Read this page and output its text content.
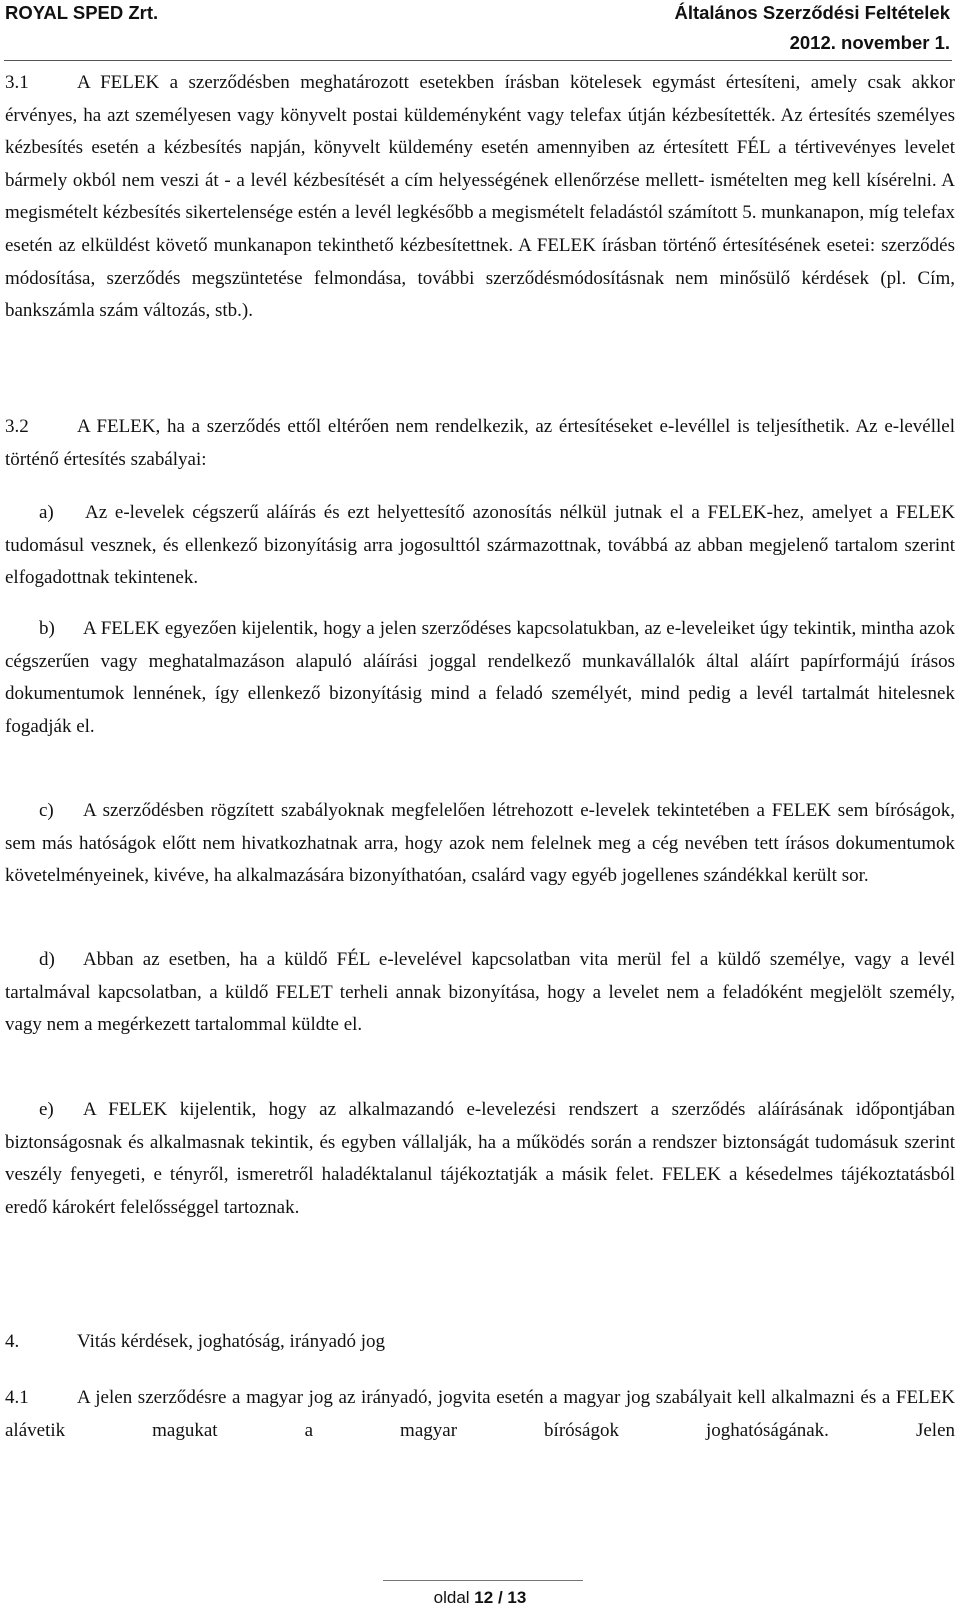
ROYAL SPED Zrt.	Általános Szerződési Feltételek
2012. november 1.

3.1	A FELEK a szerződésben meghatározott esetekben írásban kötelesek egymást értesíteni, amely csak akkor érvényes, ha azt személyesen vagy könyvelt postai küldeményként vagy telefax útján kézbesítették. Az értesítés személyes kézbesítés esetén a kézbesítés napján, könyvelt küldemény esetén amennyiben az értesített FÉL a tértivevényes levelet bármely okból nem veszi át - a levél kézbesítését a cím helyességének ellenőrzése mellett- ismételten meg kell kísérelni. A megismételt kézbesítés sikertelensége estén a levél legkésőbb a megismételt feladástól számított 5. munkanapon, míg telefax esetén az elküldést követő munkanapon tekinthető kézbesítettnek. A FELEK írásban történő értesítésének esetei: szerződés módosítása, szerződés megszüntetése felmondása, további szerződésmódosításnak nem minősülő kérdések (pl. Cím, bankszámla szám változás, stb.).

3.2	A FELEK, ha a szerződés ettől eltérően nem rendelkezik, az értesítéseket e-levéllel is teljesíthetik. Az e-levéllel történő értesítés szabályai:

a) Az e-levelek cégszerű aláírás és ezt helyettesítő azonosítás nélkül jutnak el a FELEK-hez, amelyet a FELEK tudomásul vesznek, és ellenkező bizonyításig arra jogosulttól származottnak, továbbá az abban megjelenő tartalom szerint elfogadottnak tekintenek.

b) A FELEK egyezően kijelentik, hogy a jelen szerződéses kapcsolatukban, az e-leveleiket úgy tekintik, mintha azok cégszerűen vagy meghatalmazáson alapuló aláírási joggal rendelkező munkavállalók által aláírt papírformájú írásos dokumentumok lennének, így ellenkező bizonyításig mind a feladó személyét, mind pedig a levél tartalmát hitelesnek fogadják el.

c) A szerződésben rögzített szabályoknak megfelelően létrehozott e-levelek tekintetében a FELEK sem bíróságok, sem más hatóságok előtt nem hivatkozhatnak arra, hogy azok nem felelnek meg a cég nevében tett írásos dokumentumok követelményeinek, kivéve, ha alkalmazására bizonyíthatóan, csalárd vagy egyéb jogellenes szándékkal került sor.

d) Abban az esetben, ha a küldő FÉL e-levelével kapcsolatban vita merül fel a küldő személye, vagy a levél tartalmával kapcsolatban, a küldő FELET terheli annak bizonyítása, hogy a levelet nem a feladóként megjelölt személy, vagy nem a megérkezett tartalommal küldte el.

e) A FELEK kijelentik, hogy az alkalmazandó e-levelezési rendszert a szerződés aláírásának időpontjában biztonságosnak és alkalmasnak tekintik, és egyben vállalják, ha a működés során a rendszer biztonságát tudomásuk szerint veszély fenyegeti, e tényről, ismeretről haladéktalanul tájékoztatják a másik felet. FELEK a késedelmes tájékoztatásból eredő károkért felelősséggel tartoznak.

4.	Vitás kérdések, joghatóság, irányadó jog

4.1	A jelen szerződésre a magyar jog az irányadó, jogvita esetén a magyar jog szabályait kell alkalmazni és a FELEK alávetik magukat a magyar bíróságok joghatóságának. Jelen

oldal 12 / 13
